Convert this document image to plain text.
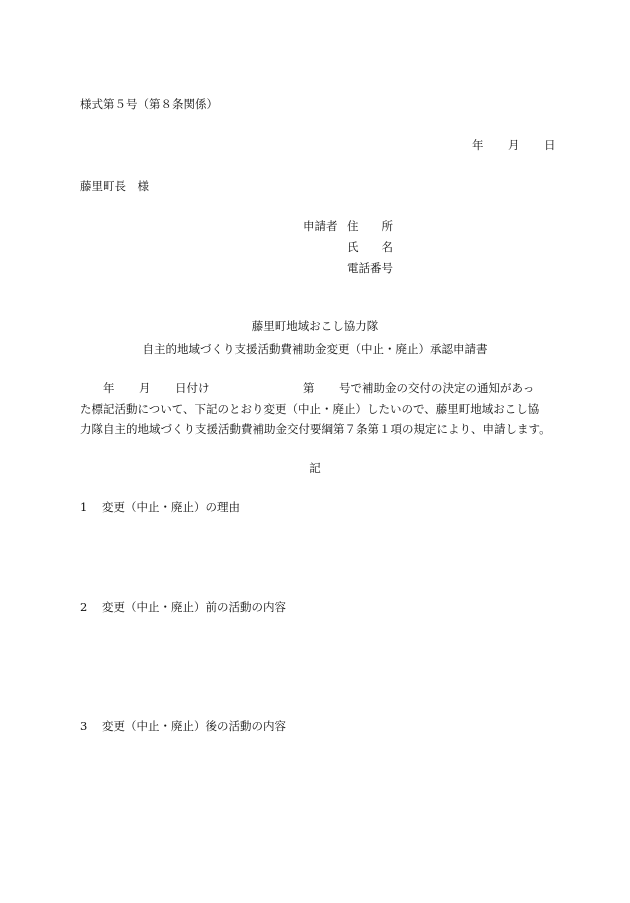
様式第５号（第８条関係）
年 月 日
藤里町長　様
申請者 住　　所
氏　　名
電話番号
藤里町地域おこし協力隊
自主的地域づくり支援活動費補助金変更（中止・廃止）承認申請書
年 月 日付け	第 号で補助金の交付の決定の通知があっ
た標記活動について、下記のとおり変更（中止・廃止）したいので、藤里町地域おこし協
力隊自主的地域づくり支援活動費補助金交付要綱第７条第１項の規定により、申請します。
記
1 変更（中止・廃止）の理由
2 変更（中止・廃止）前の活動の内容
3 変更（中止・廃止）後の活動の内容
